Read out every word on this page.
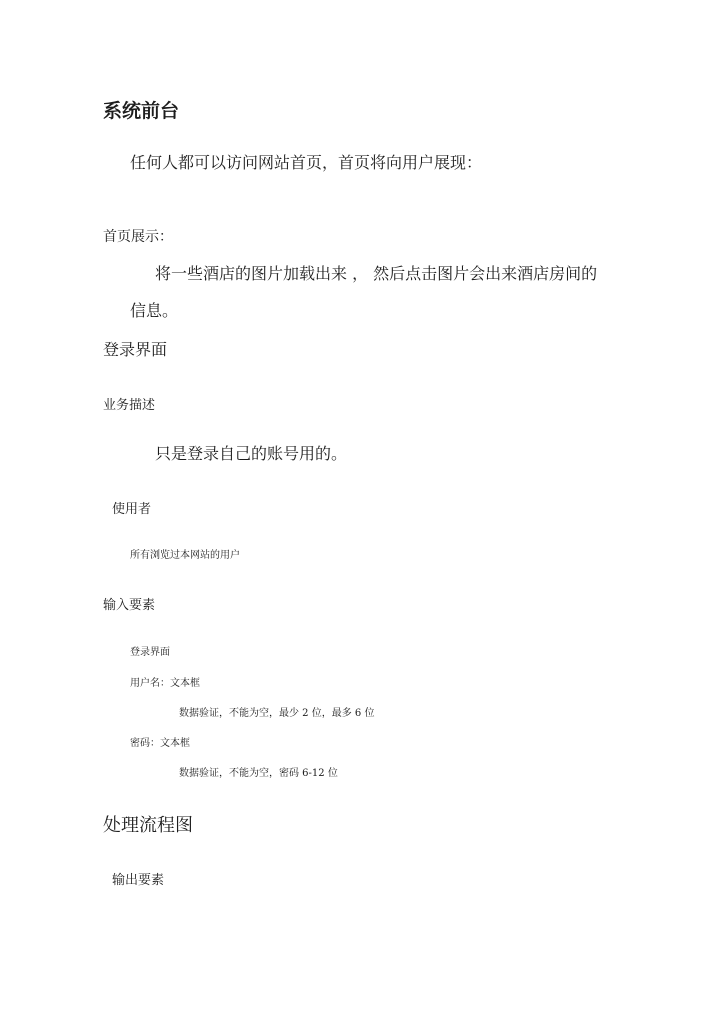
系统前台

任何人都可以访问网站首页，首页将向用户展现：

首页展示：

将一些酒店的图片加载出来 ， 然后点击图片会出来酒店房间的

信息。

登录界面

业务描述

只是登录自己的账号用的。

使用者

所有浏览过本网站的用户

输入要素

登录界面

用户名：文本框

数据验证，不能为空，最少 2 位，最多 6 位

密码：文本框

数据验证，不能为空，密码 6-12 位

处理流程图

输出要素
